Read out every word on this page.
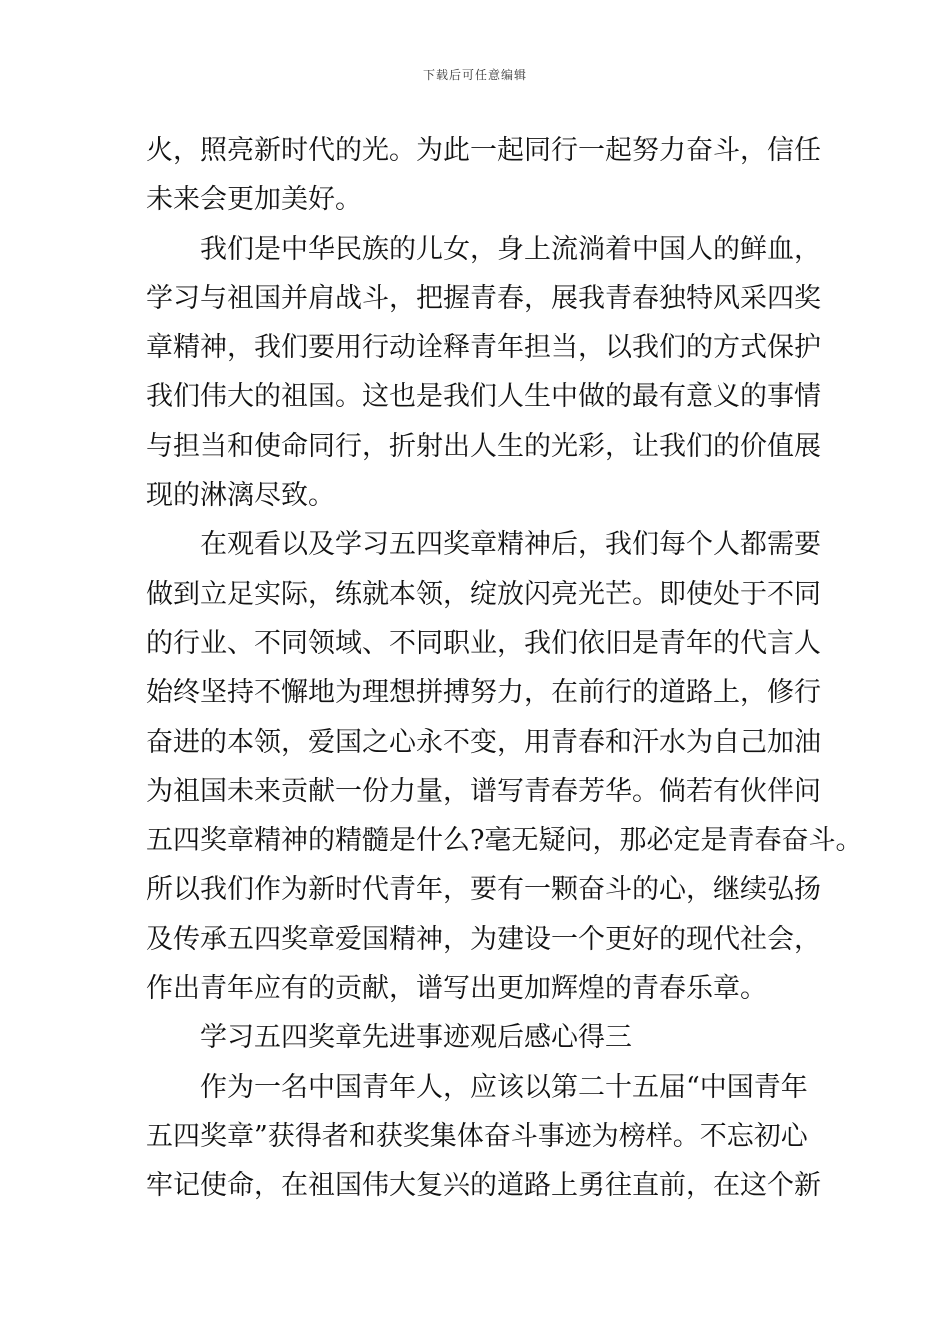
下载后可任意编辑
火，照亮新时代的光。为此一起同行一起努力奋斗，信任
未来会更加美好。
我们是中华民族的儿女，身上流淌着中国人的鲜血，
学习与祖国并肩战斗，把握青春，展我青春独特风采四奖
章精神，我们要用行动诠释青年担当，以我们的方式保护
我们伟大的祖国。这也是我们人生中做的最有意义的事情
与担当和使命同行，折射出人生的光彩，让我们的价值展
现的淋漓尽致。
在观看以及学习五四奖章精神后，我们每个人都需要
做到立足实际，练就本领，绽放闪亮光芒。即使处于不同
的行业、不同领域、不同职业，我们依旧是青年的代言人
始终坚持不懈地为理想拼搏努力，在前行的道路上，修行
奋进的本领，爱国之心永不变，用青春和汗水为自己加油
为祖国未来贡献一份力量，谱写青春芳华。倘若有伙伴问
五四奖章精神的精髓是什么?毫无疑问，那必定是青春奋斗。
所以我们作为新时代青年，要有一颗奋斗的心，继续弘扬
及传承五四奖章爱国精神，为建设一个更好的现代社会，
作出青年应有的贡献，谱写出更加辉煌的青春乐章。
学习五四奖章先进事迹观后感心得三
作为一名中国青年人，应该以第二十五届“中国青年
五四奖章”获得者和获奖集体奋斗事迹为榜样。不忘初心
牢记使命，在祖国伟大复兴的道路上勇往直前，在这个新
